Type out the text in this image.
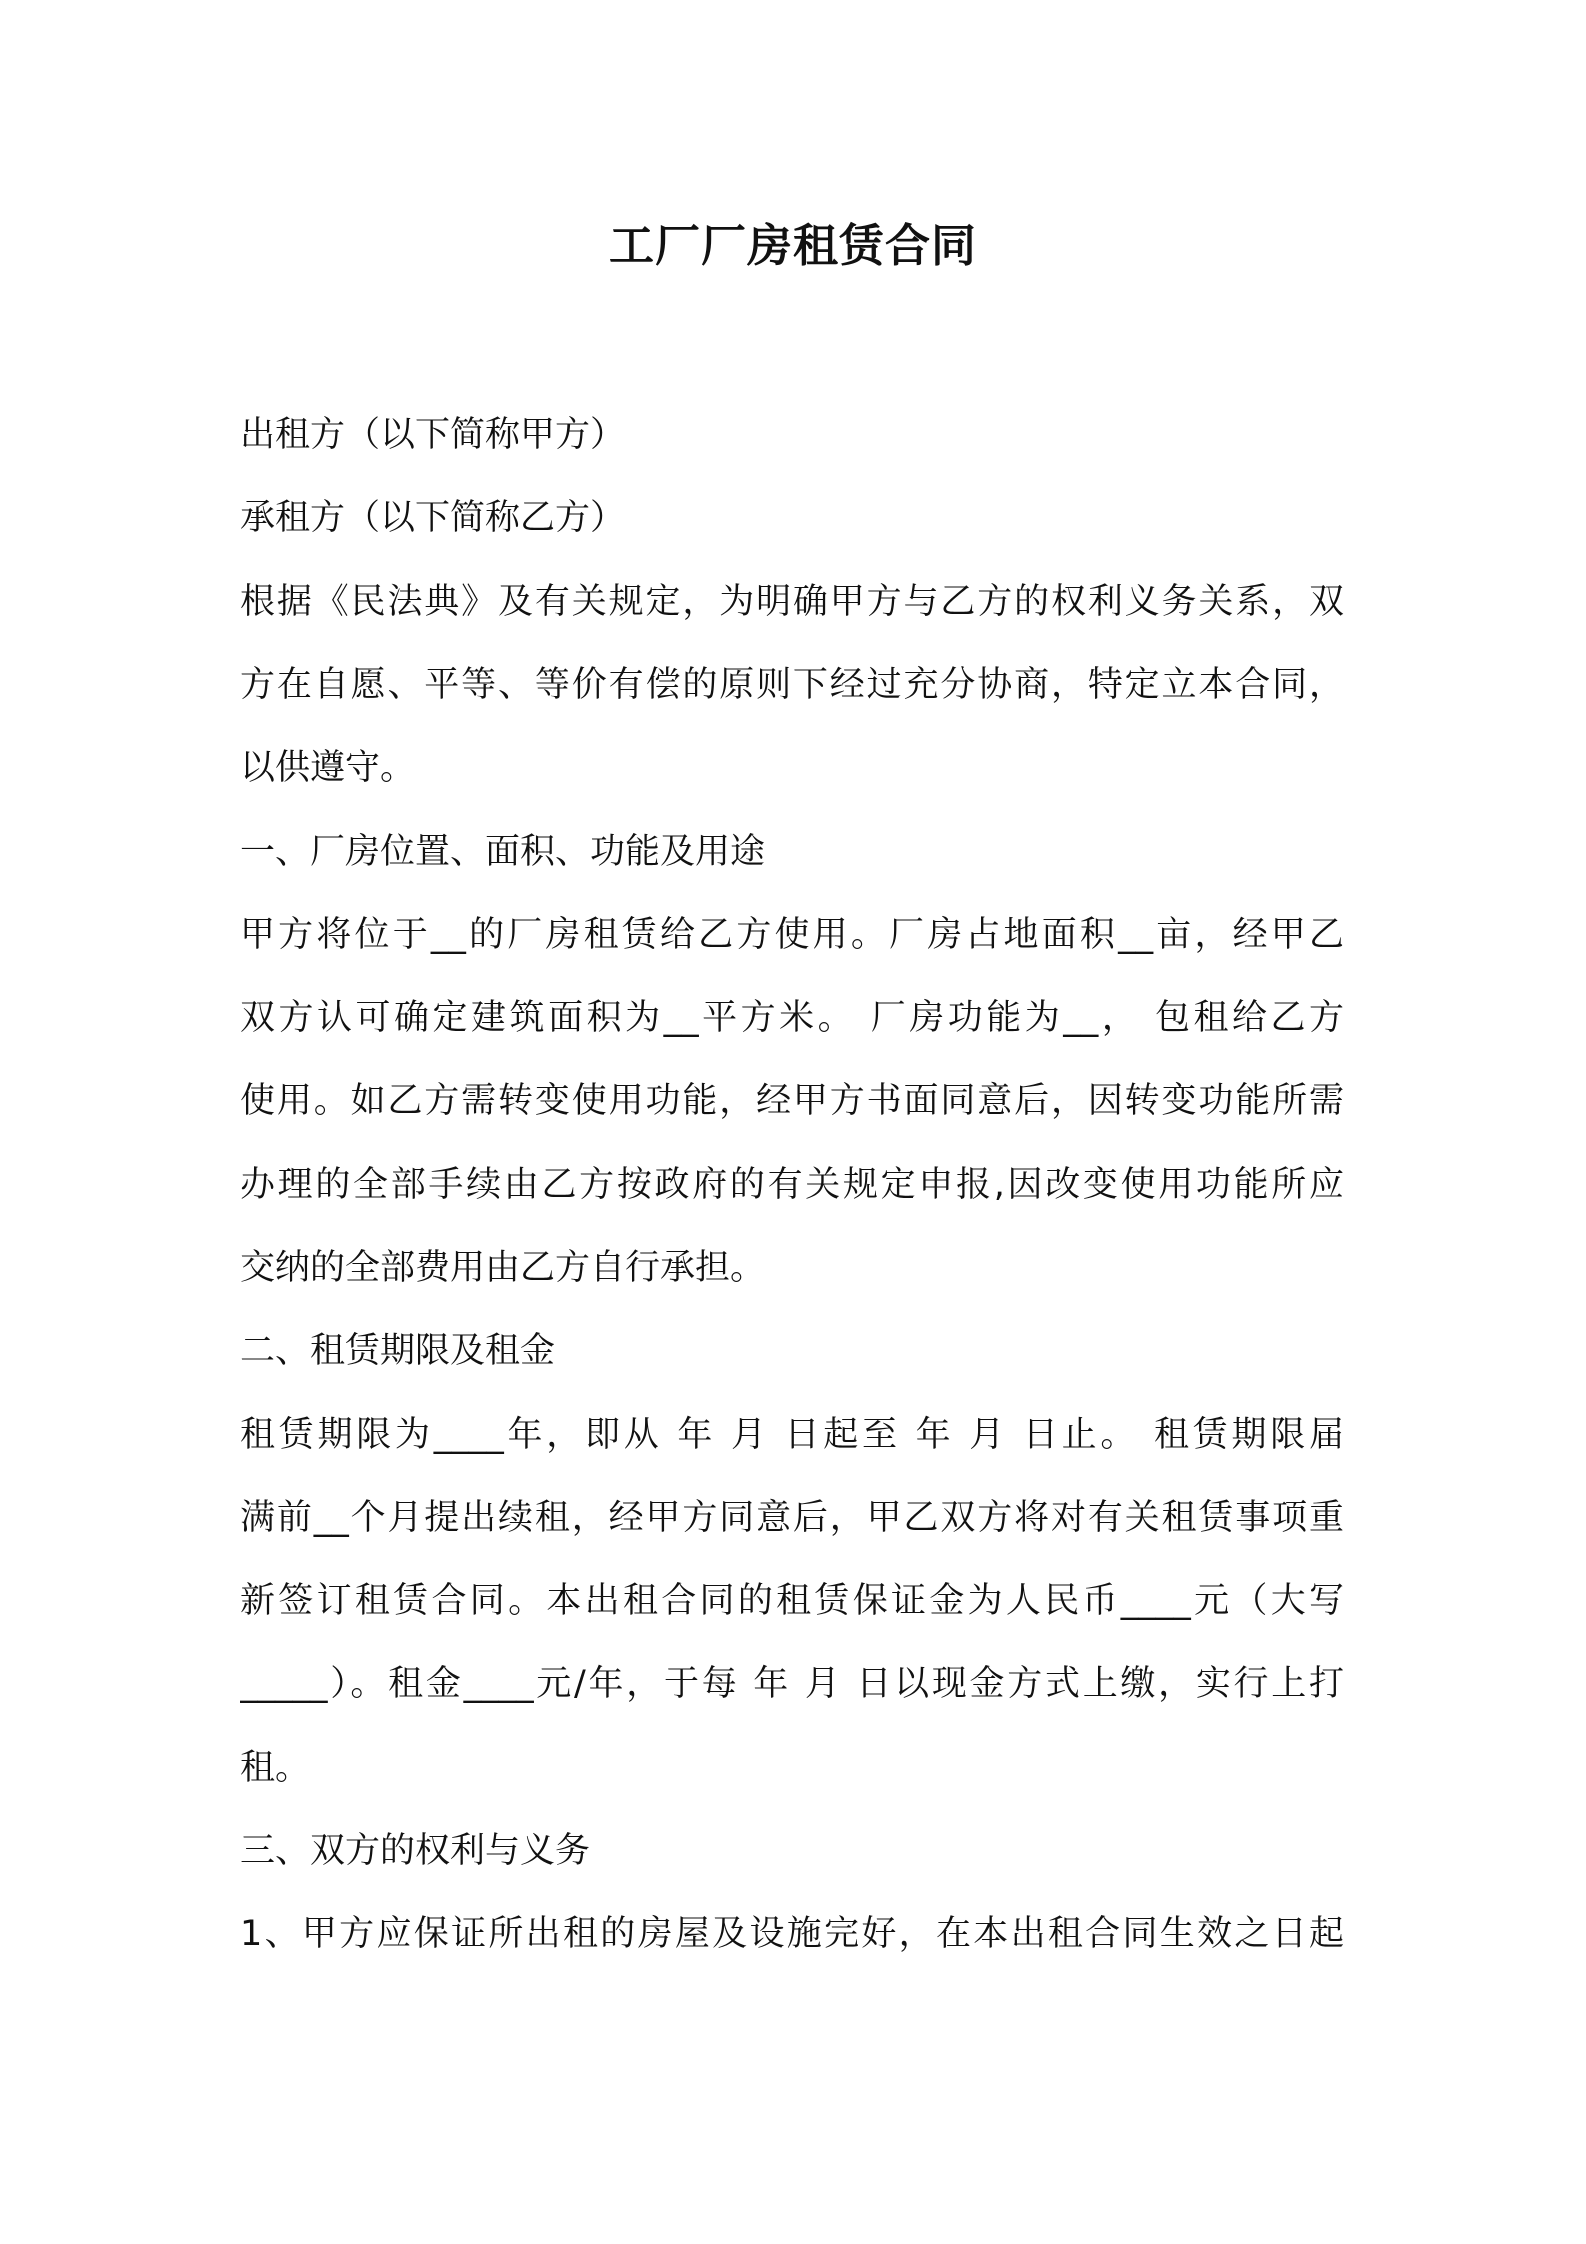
工厂厂房租赁合同
出租方（以下简称甲方）
承租方（以下简称乙方）
根据《民法典》及有关规定，为明确甲方与乙方的权利义务关系，双
方在自愿、平等、等价有偿的原则下经过充分协商，特定立本合同，
以供遵守。
一、厂房位置、面积、功能及用途
甲方将位于__的厂房租赁给乙方使用。厂房占地面积__亩，经甲乙
双方认可确定建筑面积为__平方米。 厂房功能为__， 包租给乙方
使用。如乙方需转变使用功能，经甲方书面同意后，因转变功能所需
办理的全部手续由乙方按政府的有关规定申报,因改变使用功能所应
交纳的全部费用由乙方自行承担。
二、租赁期限及租金
租赁期限为____年，即从 年 月 日起至 年 月 日止。 租赁期限届
满前__个月提出续租，经甲方同意后，甲乙双方将对有关租赁事项重
新签订租赁合同。本出租合同的租赁保证金为人民币____元（大写
_____）。租金____元/年，于每 年 月 日以现金方式上缴，实行上打
租。
三、双方的权利与义务
1、甲方应保证所出租的房屋及设施完好，在本出租合同生效之日起
